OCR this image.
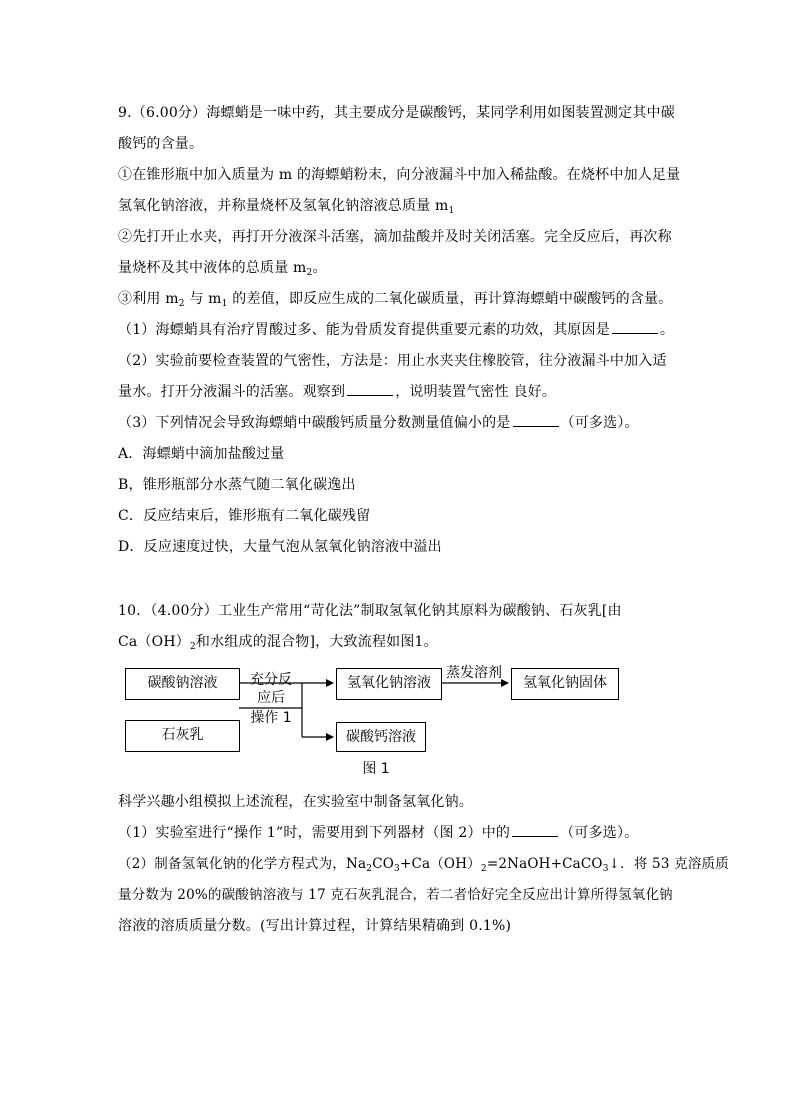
9.（6.00分）海螵蛸是一味中药，其主要成分是碳酸钙，某同学利用如图装置测定其中碳
酸钙的含量。
①在锥形瓶中加入质量为 m 的海螵蛸粉末，向分液漏斗中加入稀盐酸。在烧杯中加人足量
氢氧化钠溶液，并称量烧杯及氢氧化钠溶液总质量 $m_1$
②先打开止水夹，再打开分液深斗活塞，滴加盐酸并及时关闭活塞。完全反应后，再次称
量烧杯及其中液体的总质量 $m_2$。
③利用 $m_2$ 与 $m_1$ 的差值，即反应生成的二氧化碳质量，再计算海螵蛸中碳酸钙的含量。
（1）海螵蛸具有治疗胃酸过多、能为骨质发育提供重要元素的功效，其原因是	。
（2）实验前要检查装置的气密性，方法是：用止水夹夹住橡胶管，往分液漏斗中加入适
量水。打开分液漏斗的活塞。观察到	，说明装置气密性 良好。
（3）下列情况会导致海螵蛸中碳酸钙质量分数测量值偏小的是	（可多选）。
A．海螵蛸中滴加盐酸过量
B，锥形瓶部分水蒸气随二氧化碳逸出
C．反应结束后，锥形瓶有二氧化碳残留
D．反应速度过快，大量气泡从氢氧化钠溶液中溢出
10．（4.00分）工业生产常用“苛化法”制取氢氧化钠其原料为碳酸钠、石灰乳[由
$Ca(OH)_2$和水组成的混合物]，大致流程如图1。
碳酸钠溶液
石灰乳
充分反
应后
操作 1
氢氧化钠溶液
蒸发溶剂
氢氧化钠固体
碳酸钙溶液
图 1
科学兴趣小组模拟上述流程，在实验室中制备氢氧化钠。
（1）实验室进行“操作 1”时，需要用到下列器材（图 2）中的	（可多选）。
（2）制备氢氧化钠的化学方程式为，$Na_2CO_3+Ca(OH)_2=2NaOH+CaCO_3↓$．将 53 克溶质质
量分数为 20%的碳酸钠溶液与 17 克石灰乳混合，若二者恰好完全反应出计算所得氢氧化钠
溶液的溶质质量分数。(写出计算过程，计算结果精确到 0.1%)
